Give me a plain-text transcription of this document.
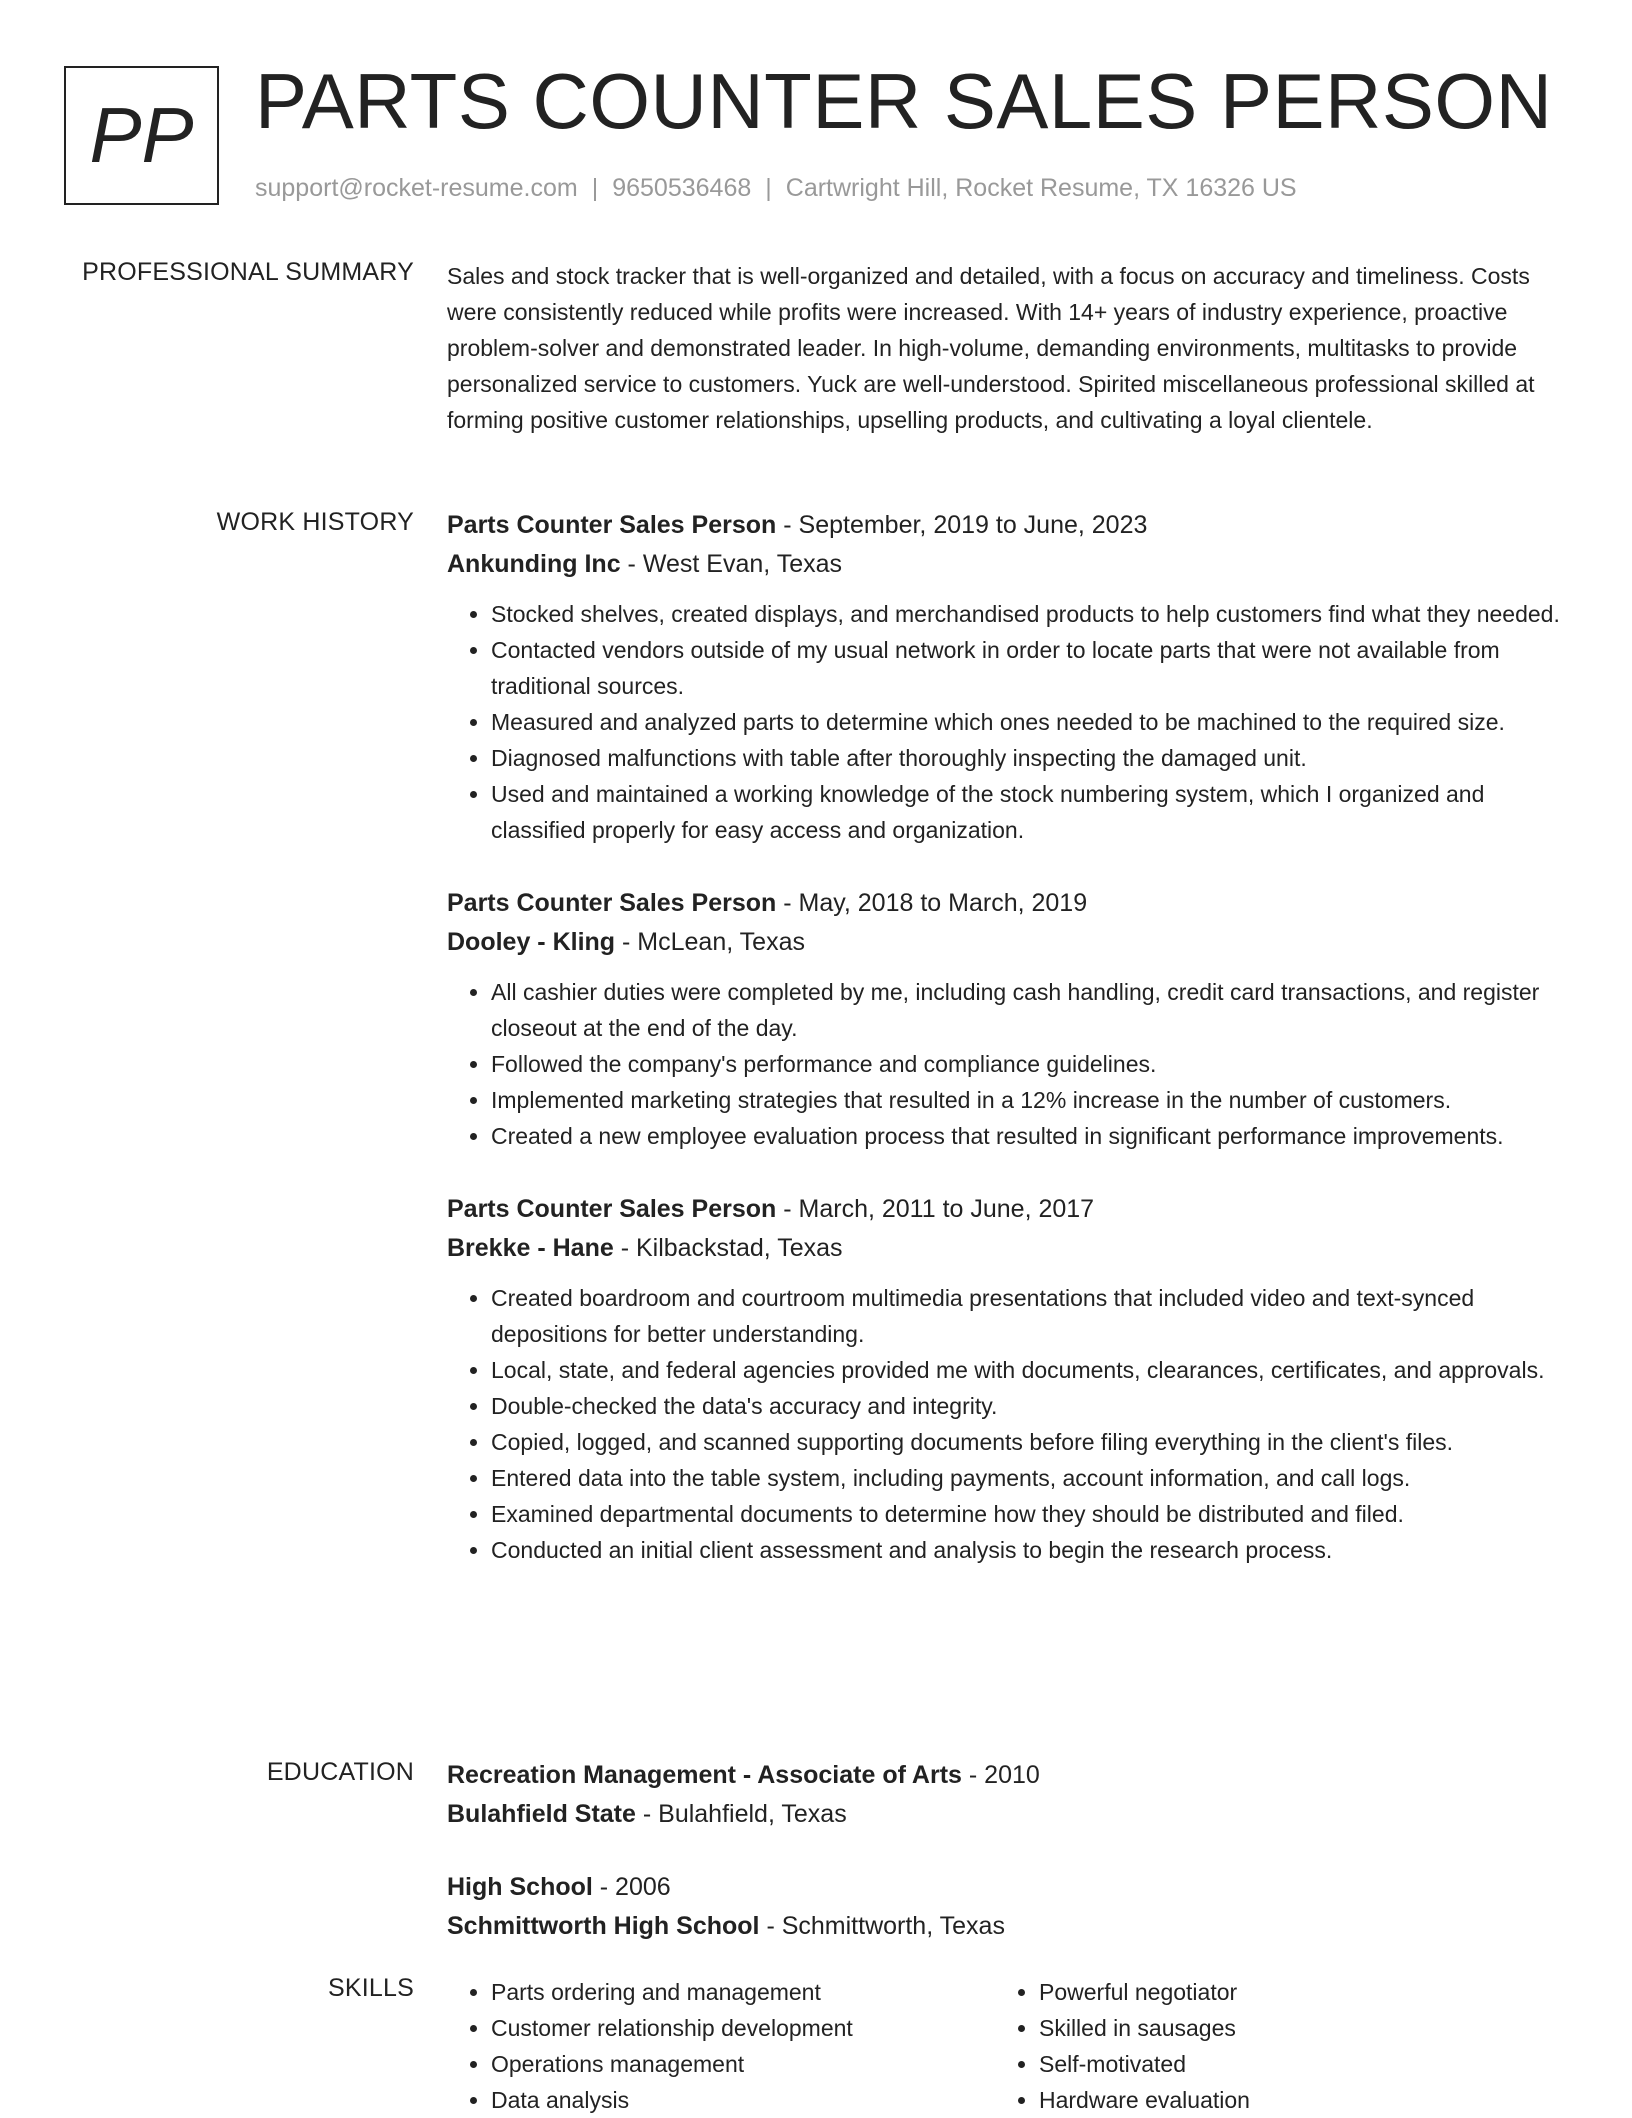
PP PARTS COUNTER SALES PERSON
support@rocket-resume.com | 9650536468 | Cartwright Hill, Rocket Resume, TX 16326 US
PROFESSIONAL SUMMARY Sales and stock tracker that is well-organized and detailed, with a focus on accuracy and timeliness. Costs were consistently reduced while profits were increased. With 14+ years of industry experience, proactive problem-solver and demonstrated leader. In high-volume, demanding environments, multitasks to provide personalized service to customers. Yuck are well-understood. Spirited miscellaneous professional skilled at forming positive customer relationships, upselling products, and cultivating a loyal clientele.

WORK HISTORY Parts Counter Sales Person - September, 2019 to June, 2023

Ankunding Inc - West Evan, Texas

• Stocked shelves, created displays, and merchandised products to help customers find what they needed.
• Contacted vendors outside of my usual network in order to locate parts that were not available from traditional sources.
• Measured and analyzed parts to determine which ones needed to be machined to the required size.
• Diagnosed malfunctions with table after thoroughly inspecting the damaged unit.
• Used and maintained a working knowledge of the stock numbering system, which I organized and classified properly for easy access and organization.

Parts Counter Sales Person - May, 2018 to March, 2019

Dooley - Kling - McLean, Texas

• All cashier duties were completed by me, including cash handling, credit card transactions, and register closeout at the end of the day.
• Followed the company's performance and compliance guidelines.
• Implemented marketing strategies that resulted in a 12% increase in the number of customers.
• Created a new employee evaluation process that resulted in significant performance improvements.

Parts Counter Sales Person - March, 2011 to June, 2017

Brekke - Hane - Kilbackstad, Texas

• Created boardroom and courtroom multimedia presentations that included video and text-synced depositions for better understanding.
• Local, state, and federal agencies provided me with documents, clearances, certificates, and approvals.
• Double-checked the data's accuracy and integrity.
• Copied, logged, and scanned supporting documents before filing everything in the client's files.
• Entered data into the table system, including payments, account information, and call logs.
• Examined departmental documents to determine how they should be distributed and filed.
• Conducted an initial client assessment and analysis to begin the research process.
EDUCATION Recreation Management - Associate of Arts - 2010

Bulahfield State - Bulahfield, Texas

High School - 2006

Schmittworth High School - Schmittworth, Texas

SKILLS
•	Parts ordering and management
• Customer relationship development
• Operations management
• Data analysis
• Powerful negotiator
• Skilled in sausages
• Self-motivated
• Hardware evaluation
